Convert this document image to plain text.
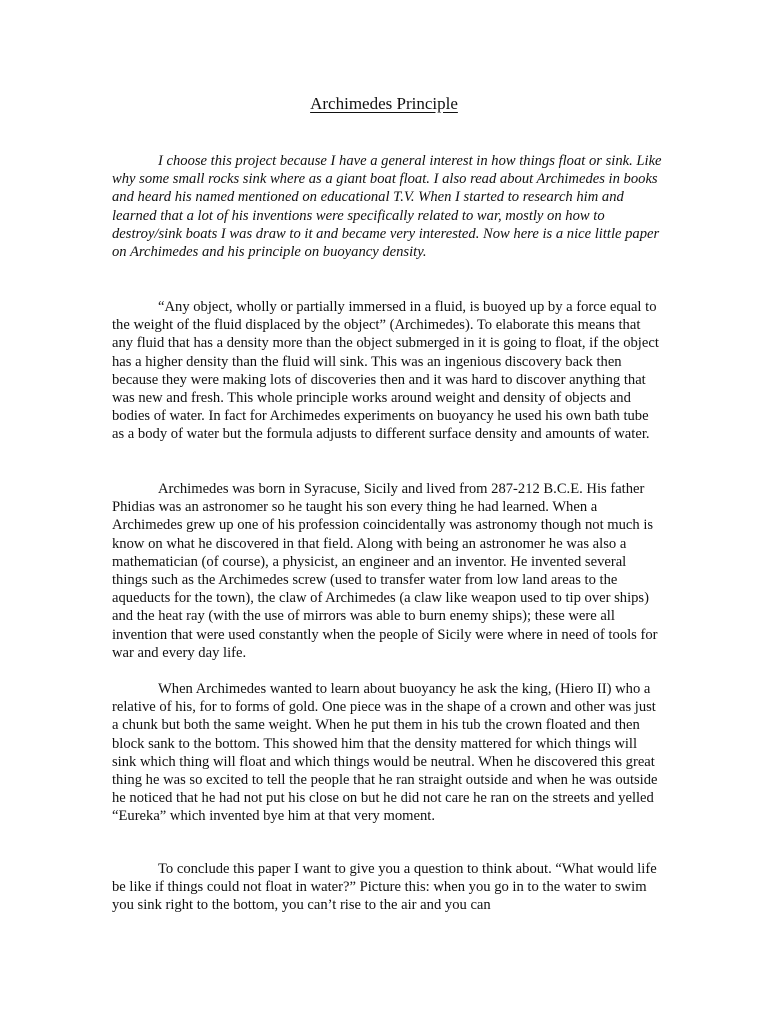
Archimedes Principle

I choose this project because I have a general interest in how things float or sink. Like why some small rocks sink where as a giant boat float. I also read about Archimedes in books and heard his named mentioned on educational T.V. When I started to research him and learned that a lot of his inventions were specifically related to war, mostly on how to destroy/sink boats I was draw to it and became very interested. Now here is a nice little paper on Archimedes and his principle on buoyancy density.

“Any object, wholly or partially immersed in a fluid, is buoyed up by a force equal to the weight of the fluid displaced by the object” (Archimedes). To elaborate this means that any fluid that has a density more than the object submerged in it is going to float, if the object has a higher density than the fluid will sink. This was an ingenious discovery back then because they were making lots of discoveries then and it was hard to discover anything that was new and fresh. This whole principle works around weight and density of objects and bodies of water. In fact for Archimedes experiments on buoyancy he used his own bath tube as a body of water but the formula adjusts to different surface density and amounts of water.

Archimedes was born in Syracuse, Sicily and lived from 287-212 B.C.E. His father Phidias was an astronomer so he taught his son every thing he had learned. When a Archimedes grew up one of his profession coincidentally was astronomy though not much is know on what he discovered in that field. Along with being an astronomer he was also a mathematician (of course), a physicist, an engineer and an inventor. He invented several things such as the Archimedes screw (used to transfer water from low land areas to the aqueducts for the town), the claw of Archimedes (a claw like weapon used to tip over ships) and the heat ray (with the use of mirrors was able to burn enemy ships); these were all invention that were used constantly when the people of Sicily were where in need of tools for war and every day life.

When Archimedes wanted to learn about buoyancy he ask the king, (Hiero II) who a relative of his, for to forms of gold. One piece was in the shape of a crown and other was just a chunk but both the same weight. When he put them in his tub the crown floated and then block sank to the bottom. This showed him that the density mattered for which things will sink which thing will float and which things would be neutral. When he discovered this great thing he was so excited to tell the people that he ran straight outside and when he was outside he noticed that he had not put his close on but he did not care he ran on the streets and yelled “Eureka” which invented bye him at that very moment.

To conclude this paper I want to give you a question to think about. “What would life be like if things could not float in water?” Picture this: when you go in to the water to swim you sink right to the bottom, you can’t rise to the air and you can
